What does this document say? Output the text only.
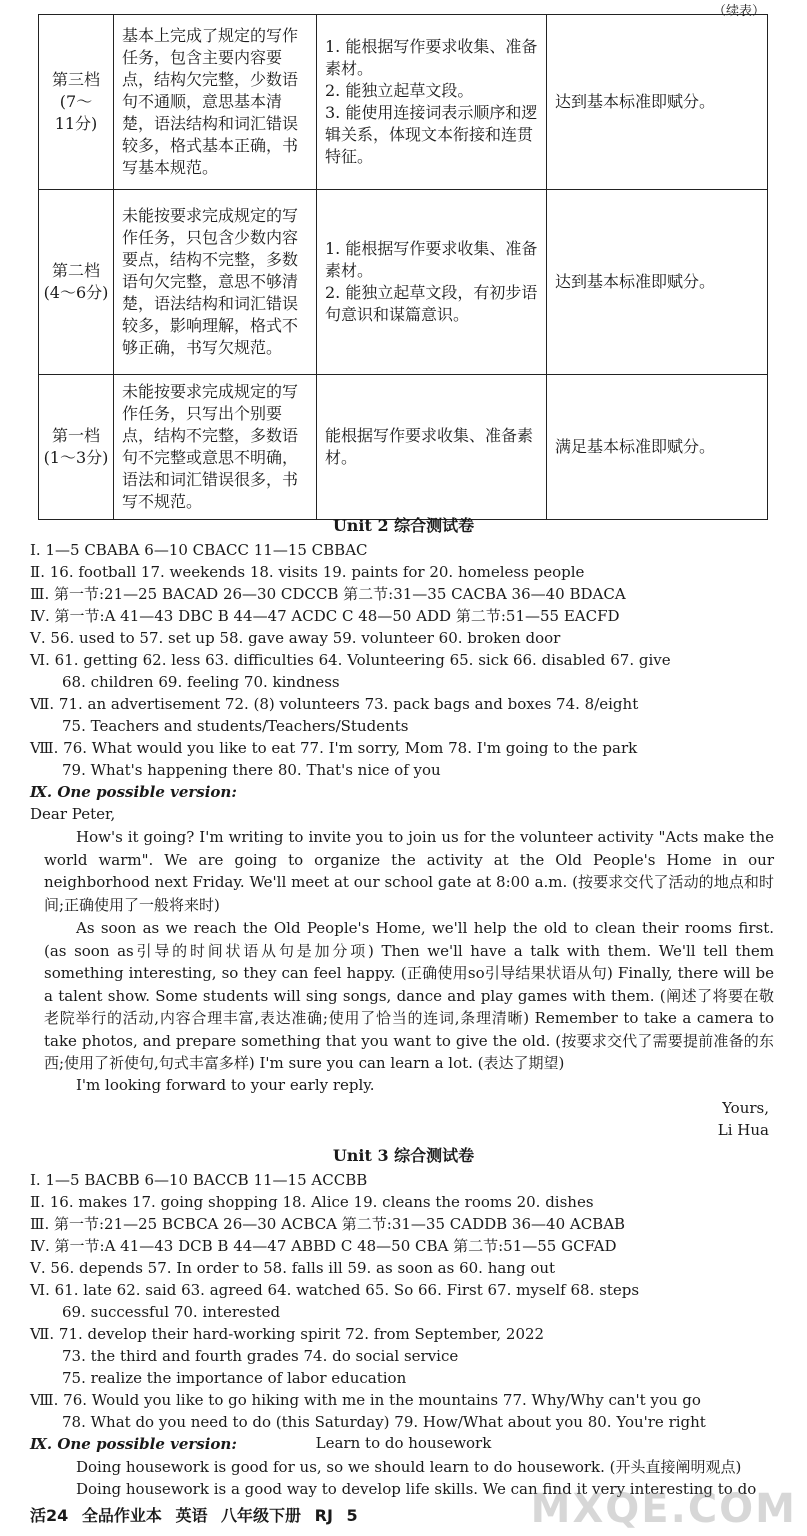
（续表）
第三档
(7～
11分)	基本上完成了规定的写作任务，包含主要内容要点，结构欠完整，少数语句不通顺，意思基本清楚，语法结构和词汇错误较多，格式基本正确，书写基本规范。	1. 能根据写作要求收集、准备素材。
2. 能独立起草文段。
3. 能使用连接词表示顺序和逻辑关系，体现文本衔接和连贯特征。	达到基本标准即赋分。
第二档
(4～6分)	未能按要求完成规定的写作任务，只包含少数内容要点，结构不完整，多数语句欠完整，意思不够清楚，语法结构和词汇错误较多，影响理解，格式不够正确，书写欠规范。	1. 能根据写作要求收集、准备素材。
2. 能独立起草文段，有初步语句意识和谋篇意识。	达到基本标准即赋分。
第一档
(1～3分)	未能按要求完成规定的写作任务，只写出个别要点，结构不完整，多数语句不完整或意思不明确，语法和词汇错误很多，书写不规范。	能根据写作要求收集、准备素材。	满足基本标准即赋分。
Unit 2 综合测试卷
Ⅰ. 1—5 CBABA 6—10 CBACC 11—15 CBBAC
Ⅱ. 16. football 17. weekends 18. visits 19. paints for 20. homeless people
Ⅲ. 第一节:21—25 BACAD 26—30 CDCCB 第二节:31—35 CACBA 36—40 BDACA
Ⅳ. 第一节:A 41—43 DBC B 44—47 ACDC C 48—50 ADD 第二节:51—55 EACFD
Ⅴ. 56. used to 57. set up 58. gave away 59. volunteer 60. broken door
Ⅵ. 61. getting 62. less 63. difficulties 64. Volunteering 65. sick 66. disabled 67. give
68. children 69. feeling 70. kindness
Ⅶ. 71. an advertisement 72. (8) volunteers 73. pack bags and boxes 74. 8/eight
75. Teachers and students/Teachers/Students
Ⅷ. 76. What would you like to eat 77. I'm sorry, Mom 78. I'm going to the park
79. What's happening there 80. That's nice of you
Ⅸ. One possible version:
Dear Peter,
How's it going? I'm writing to invite you to join us for the volunteer activity "Acts make the world warm". We are going to organize the activity at the Old People's Home in our neighborhood next Friday. We'll meet at our school gate at 8:00 a.m. (按要求交代了活动的地点和时间;正确使用了一般将来时)
As soon as we reach the Old People's Home, we'll help the old to clean their rooms first. (as soon as引导的时间状语从句是加分项) Then we'll have a talk with them. We'll tell them something interesting, so they can feel happy. (正确使用so引导结果状语从句) Finally, there will be a talent show. Some students will sing songs, dance and play games with them. (阐述了将要在敬老院举行的活动,内容合理丰富,表达准确;使用了恰当的连词,条理清晰) Remember to take a camera to take photos, and prepare something that you want to give the old. (按要求交代了需要提前准备的东西;使用了祈使句,句式丰富多样) I'm sure you can learn a lot. (表达了期望)
I'm looking forward to your early reply.
Yours,
Li Hua
Unit 3 综合测试卷
Ⅰ. 1—5 BACBB 6—10 BACCB 11—15 ACCBB
Ⅱ. 16. makes 17. going shopping 18. Alice 19. cleans the rooms 20. dishes
Ⅲ. 第一节:21—25 BCBCA 26—30 ACBCA 第二节:31—35 CADDB 36—40 ACBAB
Ⅳ. 第一节:A 41—43 DCB B 44—47 ABBD C 48—50 CBA 第二节:51—55 GCFAD
Ⅴ. 56. depends 57. In order to 58. falls ill 59. as soon as 60. hang out
Ⅵ. 61. late 62. said 63. agreed 64. watched 65. So 66. First 67. myself 68. steps
69. successful 70. interested
Ⅶ. 71. develop their hard-working spirit 72. from September, 2022
73. the third and fourth grades 74. do social service
75. realize the importance of labor education
Ⅷ. 76. Would you like to go hiking with me in the mountains 77. Why/Why can't you go
78. What do you need to do (this Saturday) 79. How/What about you 80. You're right
Ⅸ. One possible version:	Learn to do housework
Doing housework is good for us, so we should learn to do housework. (开头直接阐明观点)
Doing housework is a good way to develop life skills. We can find it very interesting to do
活24 全品作业本 英语 八年级下册 RJ 5	MXQE.COM
